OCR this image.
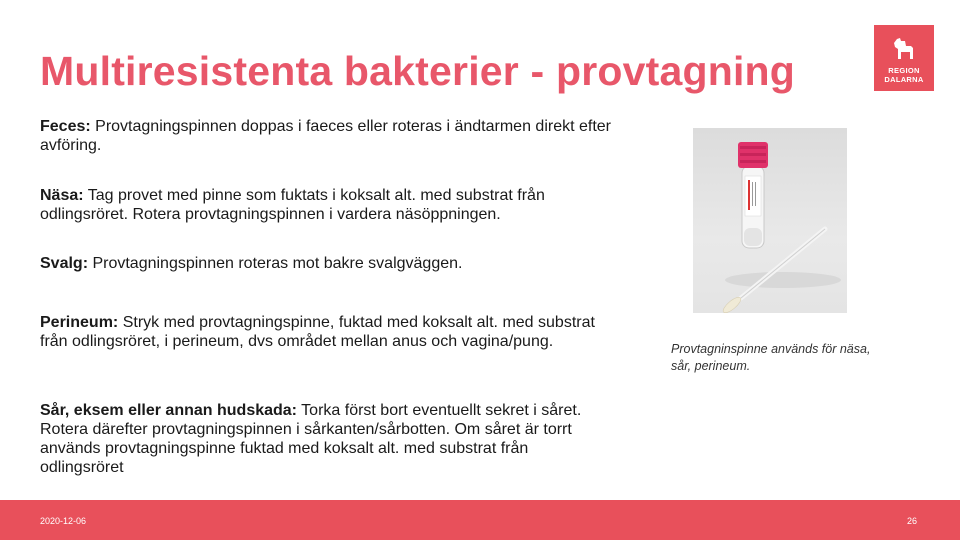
Multiresistenta bakterier - provtagning	REGION
DALARNA
Feces: Provtagningspinnen doppas i faeces eller roteras i ändtarmen direkt efter avföring.
Näsa: Tag provet med pinne som fuktats i koksalt alt. med substrat från odlingsröret. Rotera provtagningspinnen i vardera näsöppningen.
Svalg: Provtagningspinnen roteras mot bakre svalgväggen.
Perineum: Stryk med provtagningspinne, fuktad med koksalt alt. med substrat från odlingsröret, i perineum, dvs området mellan anus och vagina/pung.
Sår, eksem eller annan hudskada: Torka först bort eventuellt sekret i såret. Rotera därefter provtagningspinnen i sårkanten/sårbotten. Om såret är torrt används provtagningspinne fuktad med koksalt alt. med substrat från odlingsröret
Provtagninspinne används för näsa, sår, perineum.
2020-12-06	26
